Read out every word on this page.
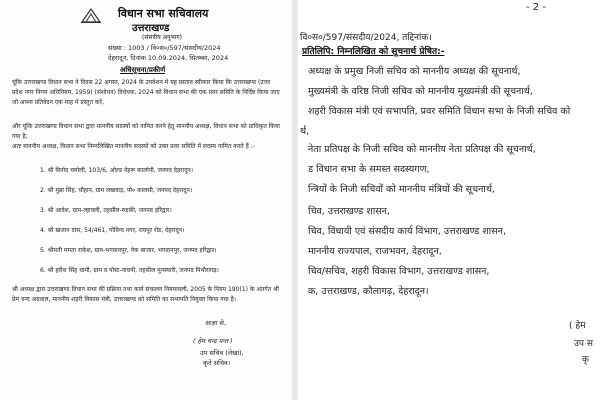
विधान सभा सचिवालय
उत्तराखण्ड
(संसदीय अनुभाग)
संख्या : 1003 / वि०स०/597/संसदीय/2024
देहरादून, दिनांक 10.09.2024, सितम्बर, 2024
अधिसूचना/प्रकीर्ण
चूंकि उत्तराखण्ड विधान सभा ने दिवस 22 अगस्त, 2024 के उपवेशन में यह प्रस्ताव स्वीकार किया कि उत्तराखण्ड (उत्तर प्रदेश नगर निगम अधिनियम, 1959) (संशोधन) विधेयक, 2024 को विधान सभा की एक प्रवर समिति के निर्दिष्ट किया जाए जो अपना प्रतिवेदन एक माह में प्रस्तुत करें,
और चूंकि उत्तराखण्ड विधान सभा द्वारा माननीय सदस्यों को नामित करने हेतु माननीय अध्यक्ष, विधान सभा को प्राधिकृत किया गया है;
अतः माननीय अध्यक्ष, विधान सभा निम्नलिखित माननीय सदस्यों को उक्त प्रवर समिति में सदस्य नामित करते हैं :-
1. श्री विनोद चमोली, 103/6, ओल्ड नेहरू कालोनी, जनपद देहरादून।
2. श्री मुन्ना सिंह, चौहान, ग्राम लखवाड़, पो० कालसी, जनपद देहरादून।
3. श्री आदेश, ग्राम-ल्हावली, तहसील-रुड़की, जनपद हरिद्वार।
4. श्री खजान दास, 54/461, गोविन्द नगर, रायपुर रोड, देहरादून।
5. श्रीमती ममता राकेश, ग्राम-भगवानपुर, नेक बाजार, भगवानपुर, जनपद हरिद्वार।
6. श्री हरीश सिंह धामी, ग्राम व पोस्ट-नाचनी, तहसील मुनस्यारी, जनपद पिथौरागढ़।
श्री अध्यक्ष द्वारा उत्तराखण्ड विधान सभा की प्रक्रिया तथा कार्य संचालन नियमावली, 2005 के नियम 190(1) के अंतर्गत श्री प्रेम चन्द अग्रवाल, माननीय शहरी विकास मंत्री, उत्तराखण्ड को समिति का सभापति नियुक्त किया गया है।
आज्ञा से,
( हेम चन्द पन्त )
उप सचिव (लेखा),
कृते सचिव।
- 2 -
वि०स०/597/संसदीय/2024, तद्दिनांक।
प्रतिलिपि: निम्नलिखित को सूचनार्थ प्रेषित:-
अध्यक्ष के प्रमुख निजी सचिव को माननीय अध्यक्ष की सूचनार्थ,
मुख्यमंत्री के वरिष्ठ निजी सचिव को माननीय मुख्यमंत्री की सूचनार्थ,
शहरी विकास मंत्री एवं सभापति, प्रवर समिति विधान सभा के निजी सचिव को
र्थ,
नेता प्रतिपक्ष के निजी सचिव को माननीय नेता प्रतिपक्ष की सूचनार्थ,
ड विधान सभा के समस्त सदस्यगण,
न्त्रियों के निजी सचिवों को माननीय मंत्रियों की सूचनार्थ,
चिव, उत्तराखण्ड शासन,
चिव, विधायी एवं संसदीय कार्य विभाग, उत्तराखण्ड शासन,
माननीय राज्यपाल, राजभवन, देहरादून,
चिव/सचिव, शहरी विकास विभाग, उत्तराखण्ड शासन,
क, उत्तराखण्ड, कौलागढ़, देहरादून।
( हेम
उप स
कृ
